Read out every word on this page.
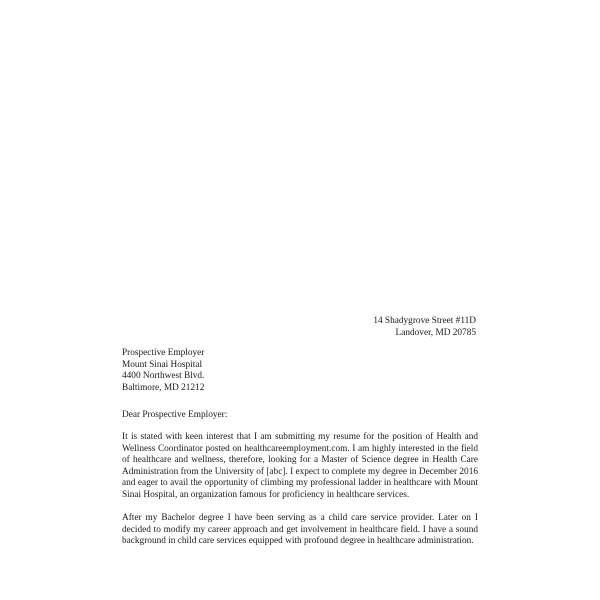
14 Shadygrove Street #11D
Landover, MD 20785
Prospective Employer
Mount Sinai Hospital
4400 Northwest Blvd.
Baltimore, MD 21212
Dear Prospective Employer:

It is stated with keen interest that I am submitting my resume for the position of Health and Wellness Coordinator posted on healthcareemployment.com. I am highly interested in the field of healthcare and wellness, therefore, looking for a Master of Science degree in Health Care Administration from the University of [abc]. I expect to complete my degree in December 2016 and eager to avail the opportunity of climbing my professional ladder in healthcare with Mount Sinai Hospital, an organization famous for proficiency in healthcare services.

After my Bachelor degree I have been serving as a child care service provider. Later on I decided to modify my career approach and get involvement in healthcare field. I have a sound background in child care services equipped with profound degree in healthcare administration.
